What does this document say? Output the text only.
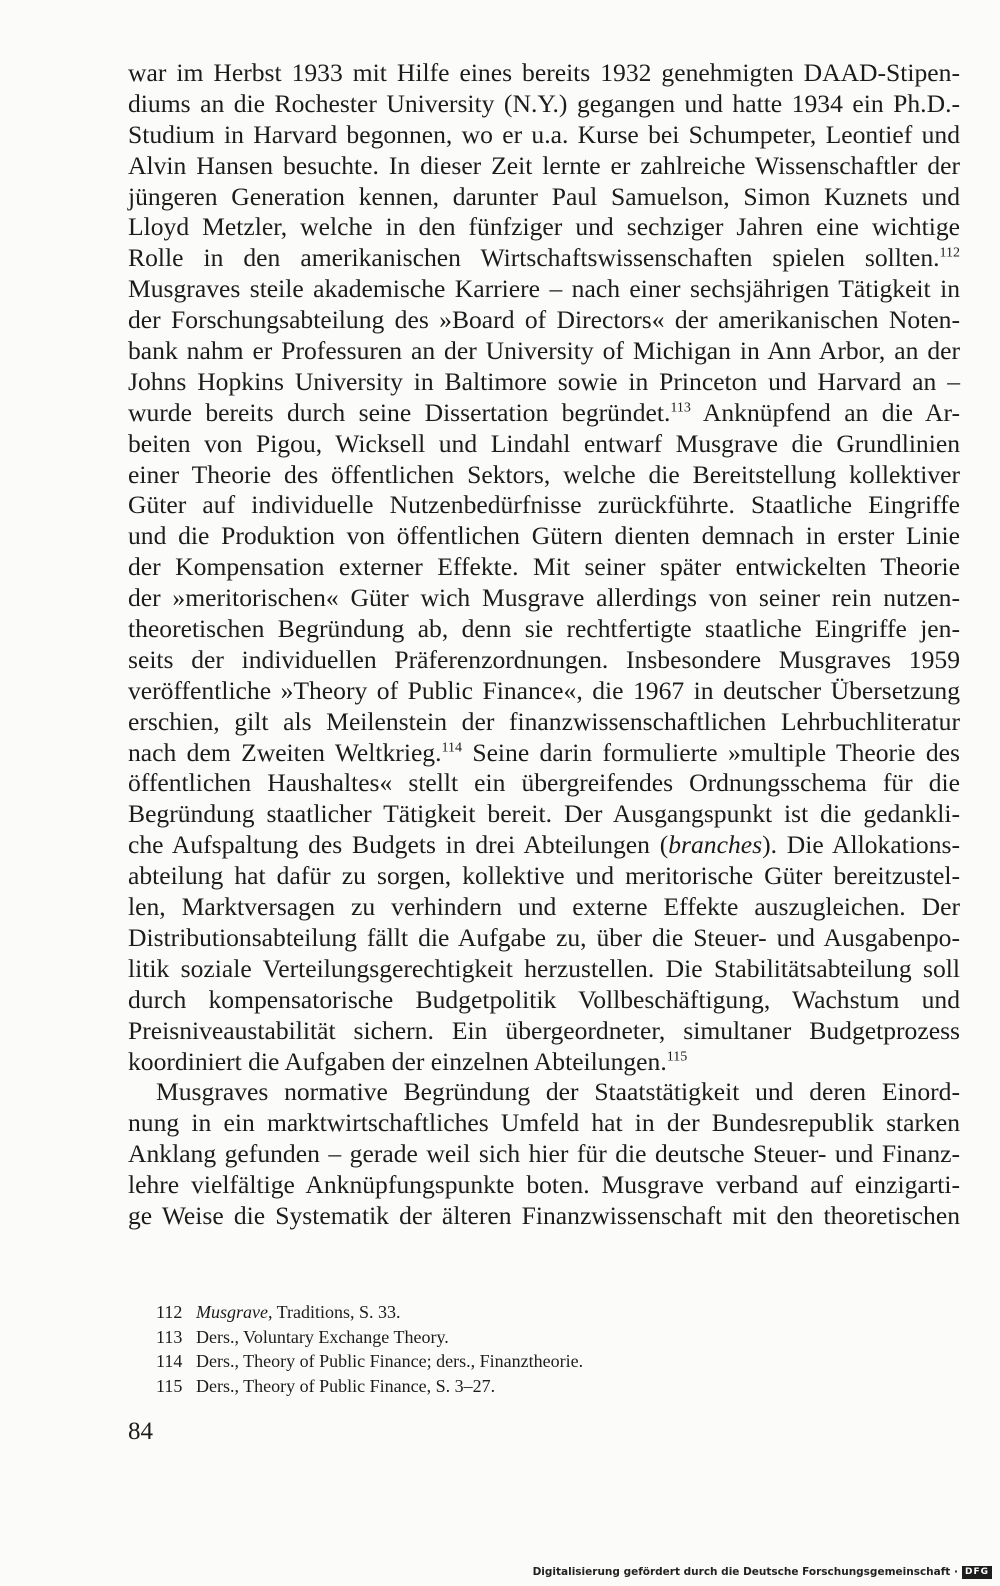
war im Herbst 1933 mit Hilfe eines bereits 1932 genehmigten DAAD-Stipen-
diums an die Rochester University (N.Y.) gegangen und hatte 1934 ein Ph.D.-
Studium in Harvard begonnen, wo er u.a. Kurse bei Schumpeter, Leontief und
Alvin Hansen besuchte. In dieser Zeit lernte er zahlreiche Wissenschaftler der
jüngeren Generation kennen, darunter Paul Samuelson, Simon Kuznets und
Lloyd Metzler, welche in den fünfziger und sechziger Jahren eine wichtige
Rolle in den amerikanischen Wirtschaftswissenschaften spielen sollten.$^{112}$
Musgraves steile akademische Karriere – nach einer sechsjährigen Tätigkeit in
der Forschungsabteilung des »Board of Directors« der amerikanischen Noten-
bank nahm er Professuren an der University of Michigan in Ann Arbor, an der
Johns Hopkins University in Baltimore sowie in Princeton und Harvard an –
wurde bereits durch seine Dissertation begründet.$^{113}$ Anknüpfend an die Ar-
beiten von Pigou, Wicksell und Lindahl entwarf Musgrave die Grundlinien
einer Theorie des öffentlichen Sektors, welche die Bereitstellung kollektiver
Güter auf individuelle Nutzenbedürfnisse zurückführte. Staatliche Eingriffe
und die Produktion von öffentlichen Gütern dienten demnach in erster Linie
der Kompensation externer Effekte. Mit seiner später entwickelten Theorie
der »meritorischen« Güter wich Musgrave allerdings von seiner rein nutzen-
theoretischen Begründung ab, denn sie rechtfertigte staatliche Eingriffe jen-
seits der individuellen Präferenzordnungen. Insbesondere Musgraves 1959
veröffentliche »Theory of Public Finance«, die 1967 in deutscher Übersetzung
erschien, gilt als Meilenstein der finanzwissenschaftlichen Lehrbuchliteratur
nach dem Zweiten Weltkrieg.$^{114}$ Seine darin formulierte »multiple Theorie des
öffentlichen Haushaltes« stellt ein übergreifendes Ordnungsschema für die
Begründung staatlicher Tätigkeit bereit. Der Ausgangspunkt ist die gedankli-
che Aufspaltung des Budgets in drei Abteilungen (branches). Die Allokations-
abteilung hat dafür zu sorgen, kollektive und meritorische Güter bereitzustel-
len, Marktversagen zu verhindern und externe Effekte auszugleichen. Der
Distributionsabteilung fällt die Aufgabe zu, über die Steuer- und Ausgabenpo-
litik soziale Verteilungsgerechtigkeit herzustellen. Die Stabilitätsabteilung soll
durch kompensatorische Budgetpolitik Vollbeschäftigung, Wachstum und
Preisniveaustabilität sichern. Ein übergeordneter, simultaner Budgetprozess
koordiniert die Aufgaben der einzelnen Abteilungen.$^{115}$
Musgraves normative Begründung der Staatstätigkeit und deren Einord-
nung in ein marktwirtschaftliches Umfeld hat in der Bundesrepublik starken
Anklang gefunden – gerade weil sich hier für die deutsche Steuer- und Finanz-
lehre vielfältige Anknüpfungspunkte boten. Musgrave verband auf einzigarti-
ge Weise die Systematik der älteren Finanzwissenschaft mit den theoretischen
112 Musgrave, Traditions, S. 33.
113 Ders., Voluntary Exchange Theory.
114 Ders., Theory of Public Finance; ders., Finanztheorie.
115 Ders., Theory of Public Finance, S. 3–27.
84
Digitalisierung gefördert durch die Deutsche Forschungsgemeinschaft · DFG
